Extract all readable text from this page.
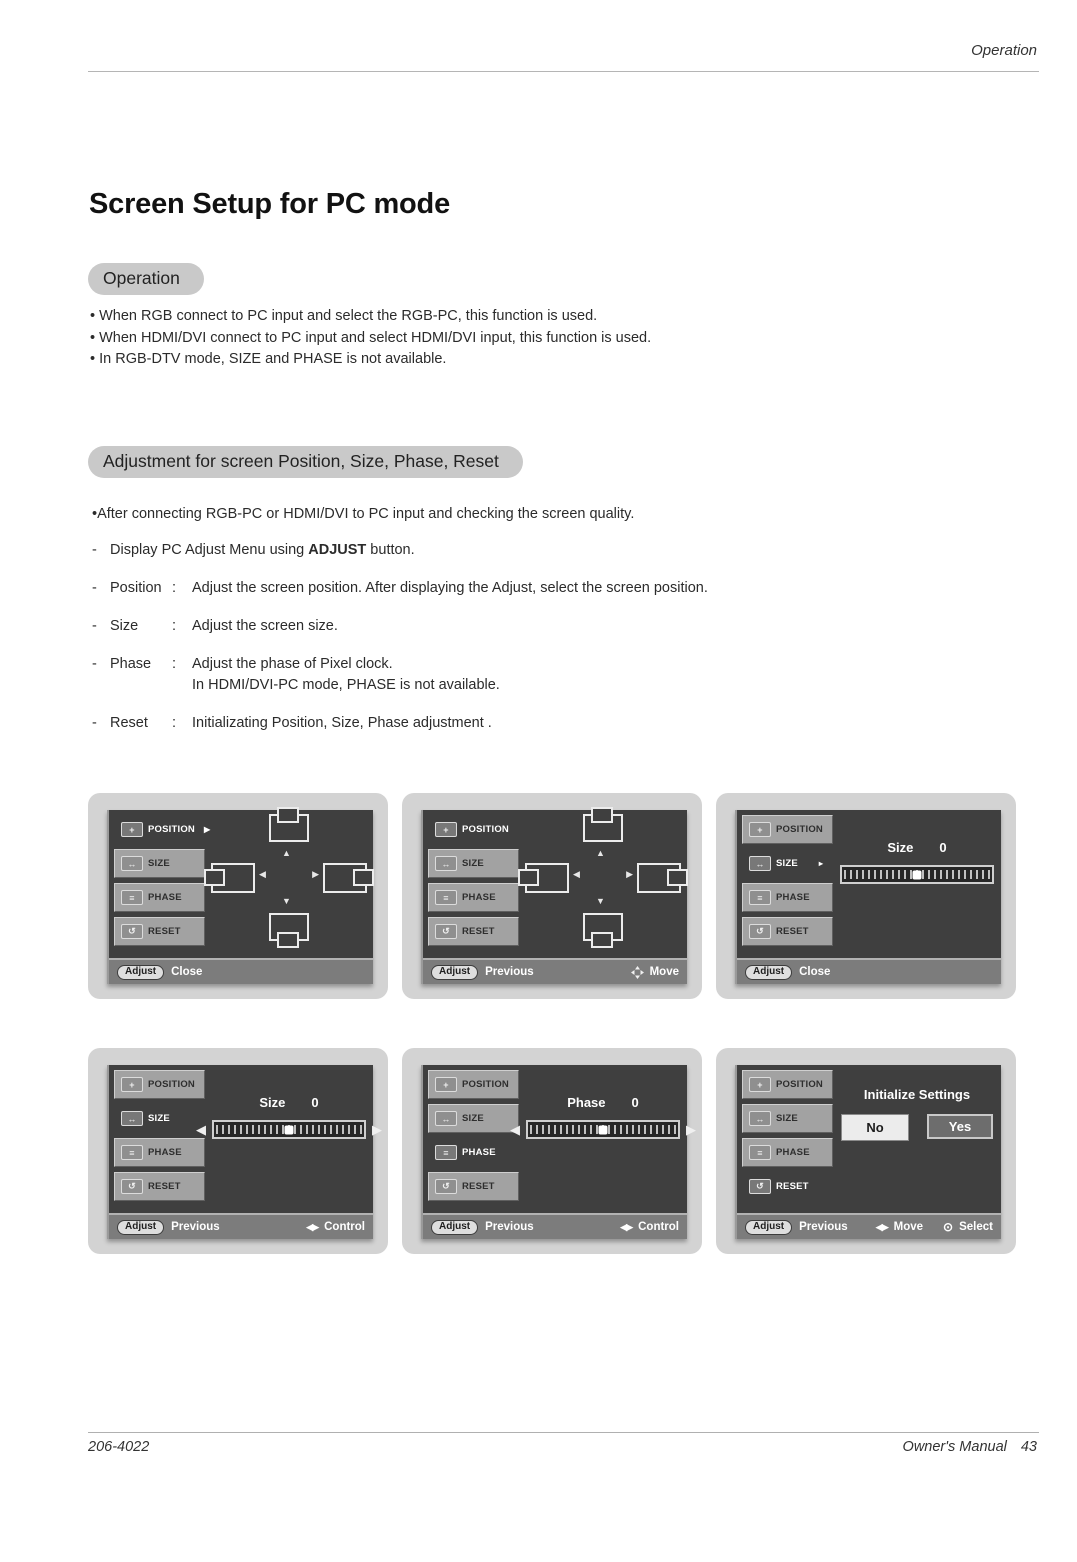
Operation
Screen Setup for PC mode
Operation
• When RGB connect to PC input and select the RGB-PC, this function is used.
• When HDMI/DVI connect to PC input and select HDMI/DVI input, this function is used.
• In RGB-DTV mode, SIZE and PHASE is not available.
Adjustment for screen Position, Size, Phase, Reset
•After connecting RGB-PC or HDMI/DVI to PC input and checking the screen quality.
- Display PC Adjust Menu using ADJUST button.
- Position :	Adjust the screen position. After displaying the Adjust, select the screen position.
- Size	:	Adjust the screen size.
- Phase	:	Adjust the phase of Pixel clock.
In HDMI/DVI-PC mode, PHASE is not available.
- Reset	:	Initializating Position, Size, Phase adjustment .
+	POSITION ▶
↔	SIZE
≡	PHASE
↺	RESET
▲
◀	▶
▼
Adjust	Close
+	POSITION
↔	SIZE
≡	PHASE
↺	RESET
▲
◀	▶
▼
Adjust	Previous	Move
+	POSITION
↔	SIZE	▸
≡	PHASE
↺	RESET
Size 0
Adjust	Close
+	POSITION
↔	SIZE
≡	PHASE
↺	RESET
Size 0
◀	▶
Adjust	Previous	◀▶ Control
+	POSITION
↔	SIZE
≡	PHASE
↺	RESET
Phase 0
◀	▶
Adjust	Previous	◀▶ Control
+	POSITION
↔	SIZE
≡	PHASE
↺	RESET
Initialize Settings
No	Yes
Adjust	Previous	◀▶ Move ⊙ Select
206-4022	Owner's Manual 43
